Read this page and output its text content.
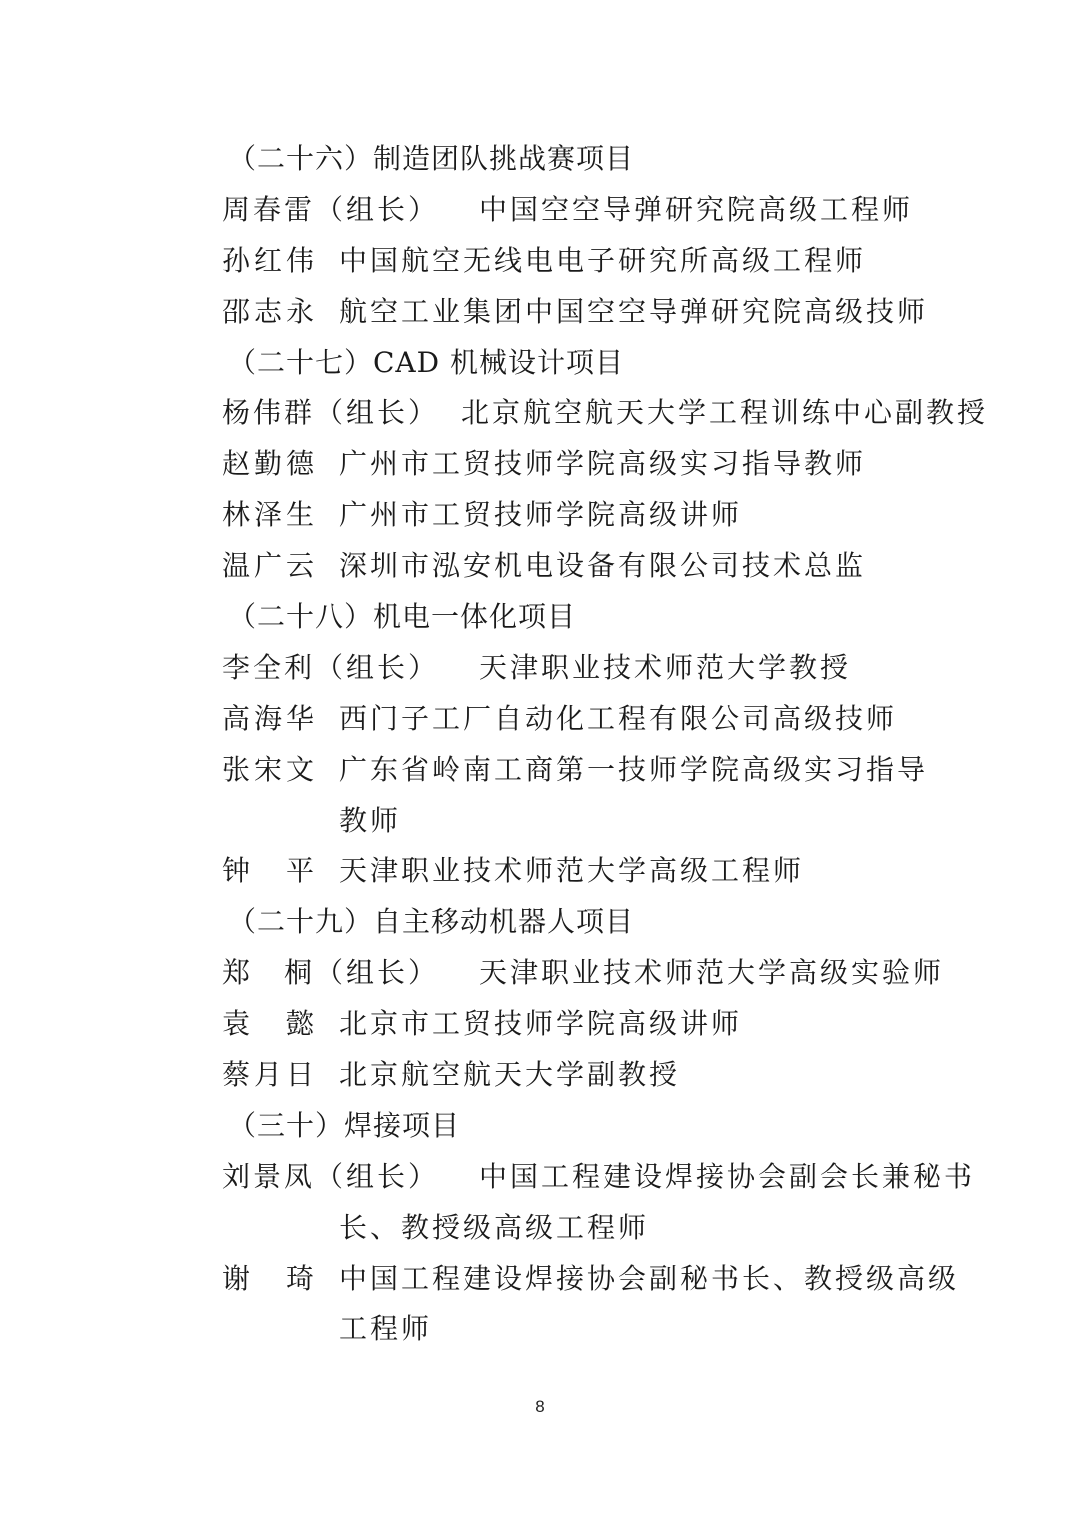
（二十六）制造团队挑战赛项目
周春雷（组长） 中国空空导弹研究院高级工程师
孙红伟 中国航空无线电电子研究所高级工程师
邵志永 航空工业集团中国空空导弹研究院高级技师
（二十七）CAD 机械设计项目
杨伟群（组长） 北京航空航天大学工程训练中心副教授
赵勤德 广州市工贸技师学院高级实习指导教师
林泽生 广州市工贸技师学院高级讲师
温广云 深圳市泓安机电设备有限公司技术总监
（二十八）机电一体化项目
李全利（组长） 天津职业技术师范大学教授
高海华 西门子工厂自动化工程有限公司高级技师
张宋文 广东省岭南工商第一技师学院高级实习指导
教师
钟　平 天津职业技术师范大学高级工程师
（二十九）自主移动机器人项目
郑　桐（组长） 天津职业技术师范大学高级实验师
袁　懿 北京市工贸技师学院高级讲师
蔡月日 北京航空航天大学副教授
（三十）焊接项目
刘景凤（组长） 中国工程建设焊接协会副会长兼秘书
长、教授级高级工程师
谢　琦 中国工程建设焊接协会副秘书长、教授级高级
工程师
8
